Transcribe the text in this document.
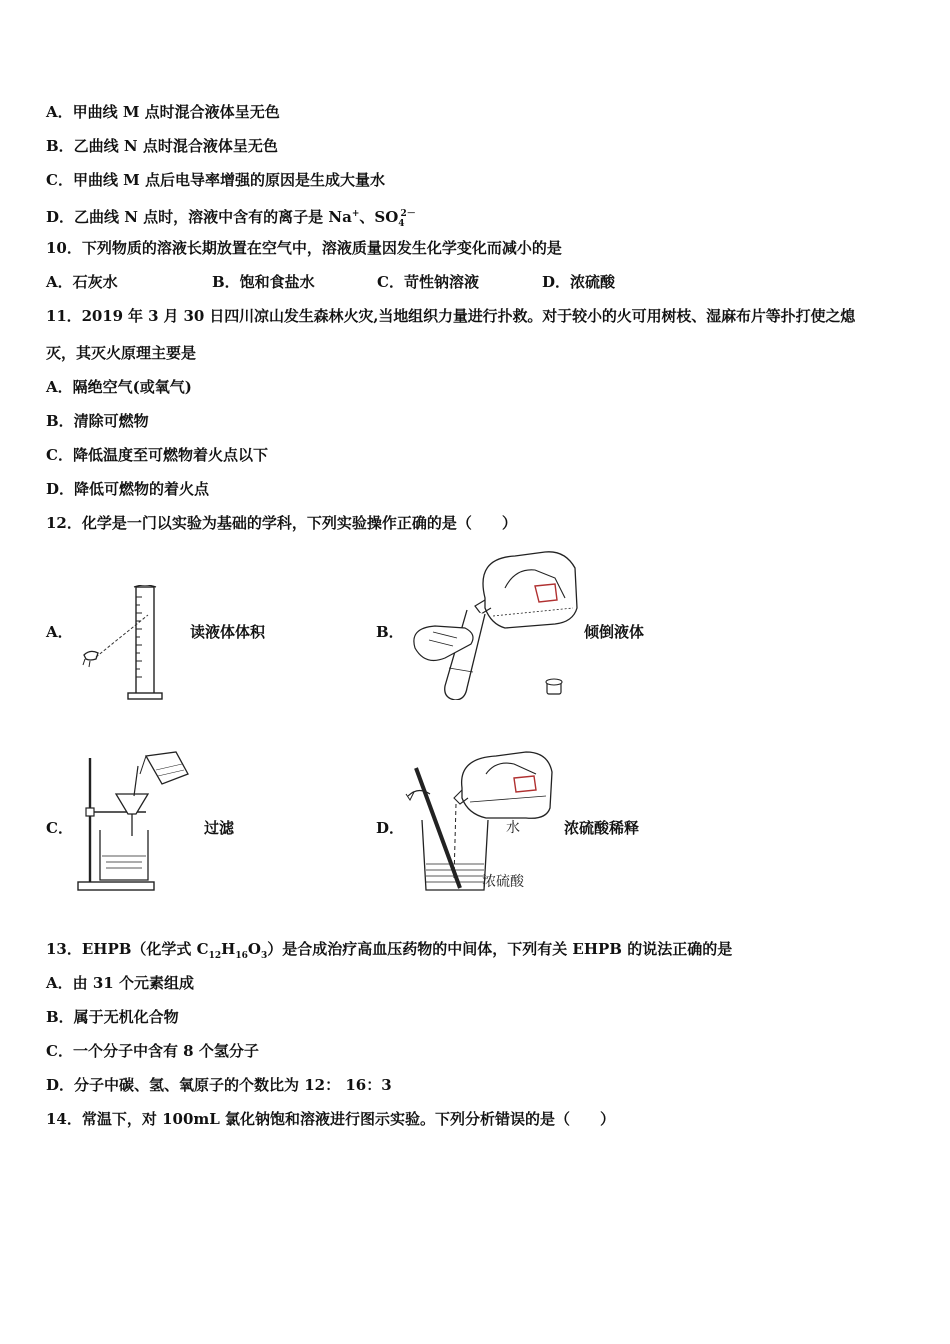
A．甲曲线 M 点时混合液体呈无色
B．乙曲线 N 点时混合液体呈无色
C．甲曲线 M 点后电导率增强的原因是生成大量水
D．乙曲线 N 点时，溶液中含有的离子是 Na+、$SO_4^{2-}$
10．下列物质的溶液长期放置在空气中，溶液质量因发生化学变化而减小的是
A．石灰水	B．饱和食盐水	C．苛性钠溶液	D．浓硫酸
11．2019 年 3 月 30 日四川凉山发生森林火灾,当地组织力量进行扑救。对于较小的火可用树枝、湿麻布片等扑打使之熄
灭，其灭火原理主要是
A．隔绝空气(或氧气)
B．清除可燃物
C．降低温度至可燃物着火点以下
D．降低可燃物的着火点
12．化学是一门以实验为基础的学科，下列实验操作正确的是（　　）
A．	读液体体积	B．	倾倒液体
C．	过滤	D．	水
浓硫酸
浓硫酸稀释
13．EHPB（化学式 $C_{12}H_{16}O_3$）是合成治疗高血压药物的中间体，下列有关 EHPB 的说法正确的是
A．由 31 个元素组成
B．属于无机化合物
C．一个分子中含有 8 个氢分子
D．分子中碳、氢、氧原子的个数比为 12： 16：3
14．常温下，对 100mL 氯化钠饱和溶液进行图示实验。下列分析错误的是（　　）
